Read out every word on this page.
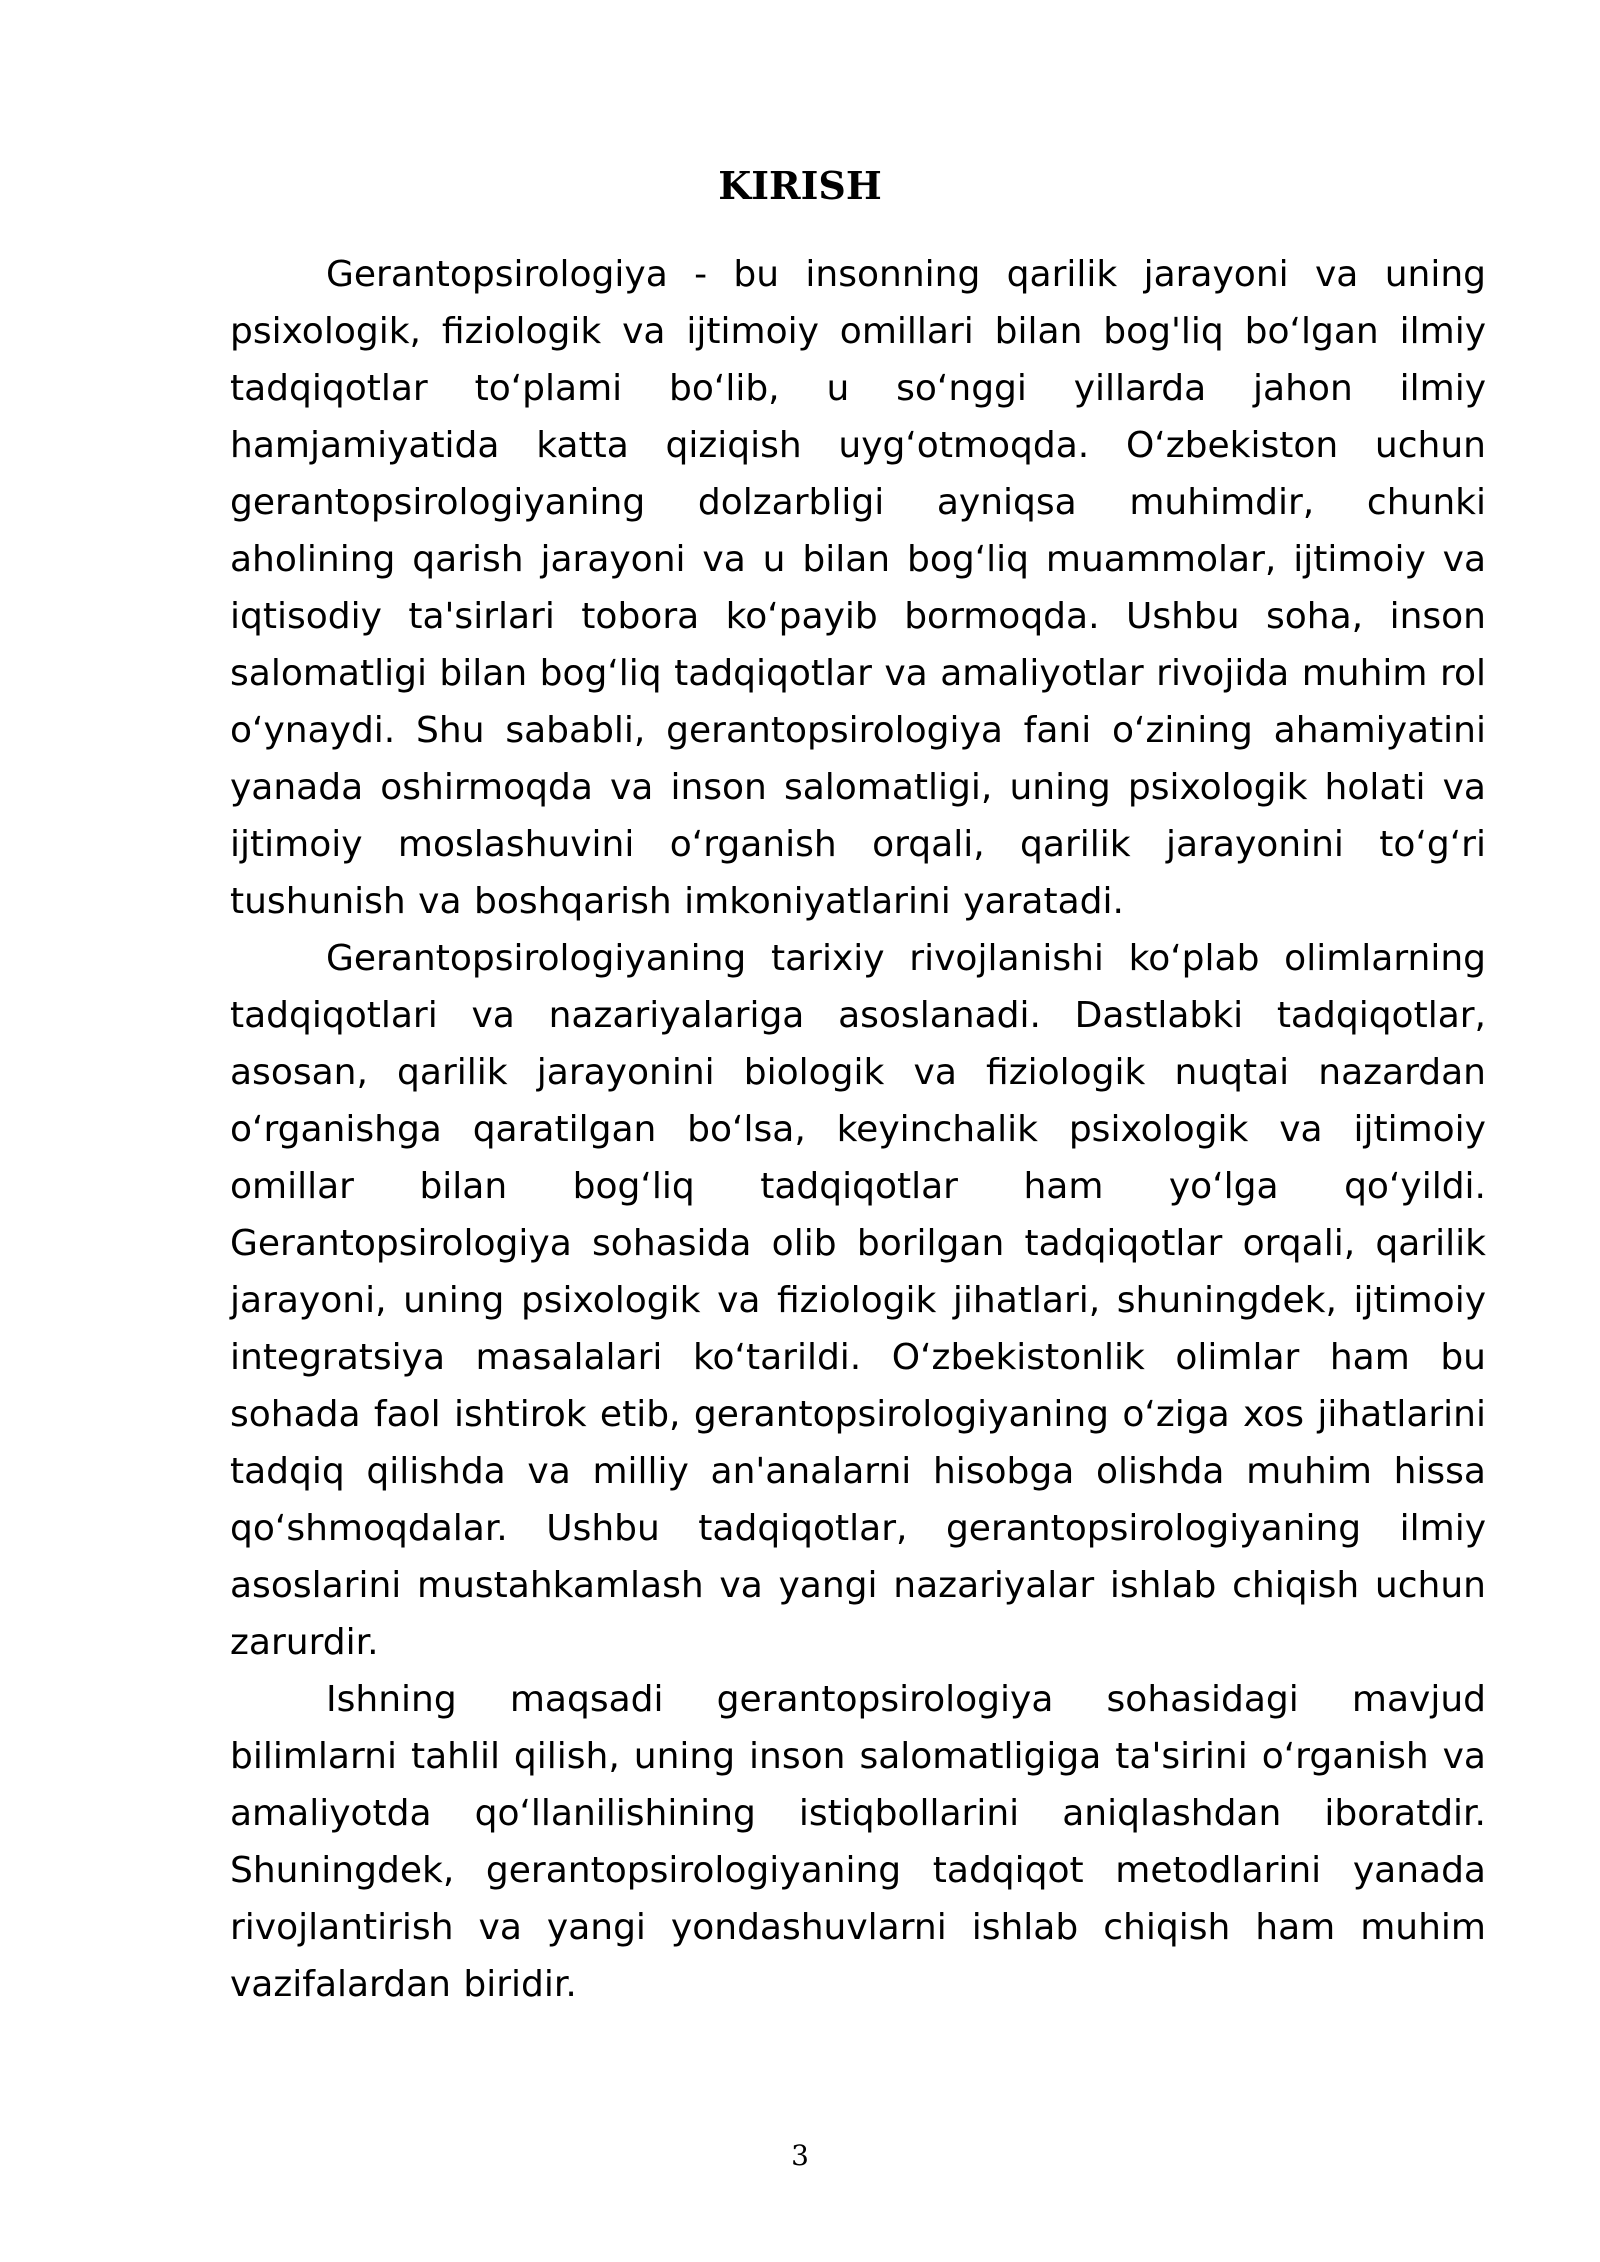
KIRISH

Gerantopsirologiya - bu insonning qarilik jarayoni va uning psixologik, fiziologik va ijtimoiy omillari bilan bog'liq boʻlgan ilmiy tadqiqotlar toʻplami boʻlib, u soʻnggi yillarda jahon ilmiy hamjamiyatida katta qiziqish uygʻotmoqda. Oʻzbekiston uchun gerantopsirologiyaning dolzarbligi ayniqsa muhimdir, chunki aholining qarish jarayoni va u bilan bogʻliq muammolar, ijtimoiy va iqtisodiy ta'sirlari tobora koʻpayib bormoqda. Ushbu soha, inson salomatligi bilan bogʻliq tadqiqotlar va amaliyotlar rivojida muhim rol oʻynaydi. Shu sababli, gerantopsirologiya fani oʻzining ahamiyatini yanada oshirmoqda va inson salomatligi, uning psixologik holati va ijtimoiy moslashuvini oʻrganish orqali, qarilik jarayonini toʻgʻri tushunish va boshqarish imkoniyatlarini yaratadi.

Gerantopsirologiyaning tarixiy rivojlanishi koʻplab olimlarning tadqiqotlari va nazariyalariga asoslanadi. Dastlabki tadqiqotlar, asosan, qarilik jarayonini biologik va fiziologik nuqtai nazardan oʻrganishga qaratilgan boʻlsa, keyinchalik psixologik va ijtimoiy omillar bilan bogʻliq tadqiqotlar ham yoʻlga qoʻyildi. Gerantopsirologiya sohasida olib borilgan tadqiqotlar orqali, qarilik jarayoni, uning psixologik va fiziologik jihatlari, shuningdek, ijtimoiy integratsiya masalalari koʻtarildi. Oʻzbekistonlik olimlar ham bu sohada faol ishtirok etib, gerantopsirologiyaning oʻziga xos jihatlarini tadqiq qilishda va milliy an'analarni hisobga olishda muhim hissa qoʻshmoqdalar. Ushbu tadqiqotlar, gerantopsirologiyaning ilmiy asoslarini mustahkamlash va yangi nazariyalar ishlab chiqish uchun zarurdir.

Ishning maqsadi gerantopsirologiya sohasidagi mavjud bilimlarni tahlil qilish, uning inson salomatligiga ta'sirini oʻrganish va amaliyotda qoʻllanilishining istiqbollarini aniqlashdan iboratdir. Shuningdek, gerantopsirologiyaning tadqiqot metodlarini yanada rivojlantirish va yangi yondashuvlarni ishlab chiqish ham muhim vazifalardan biridir.

3
